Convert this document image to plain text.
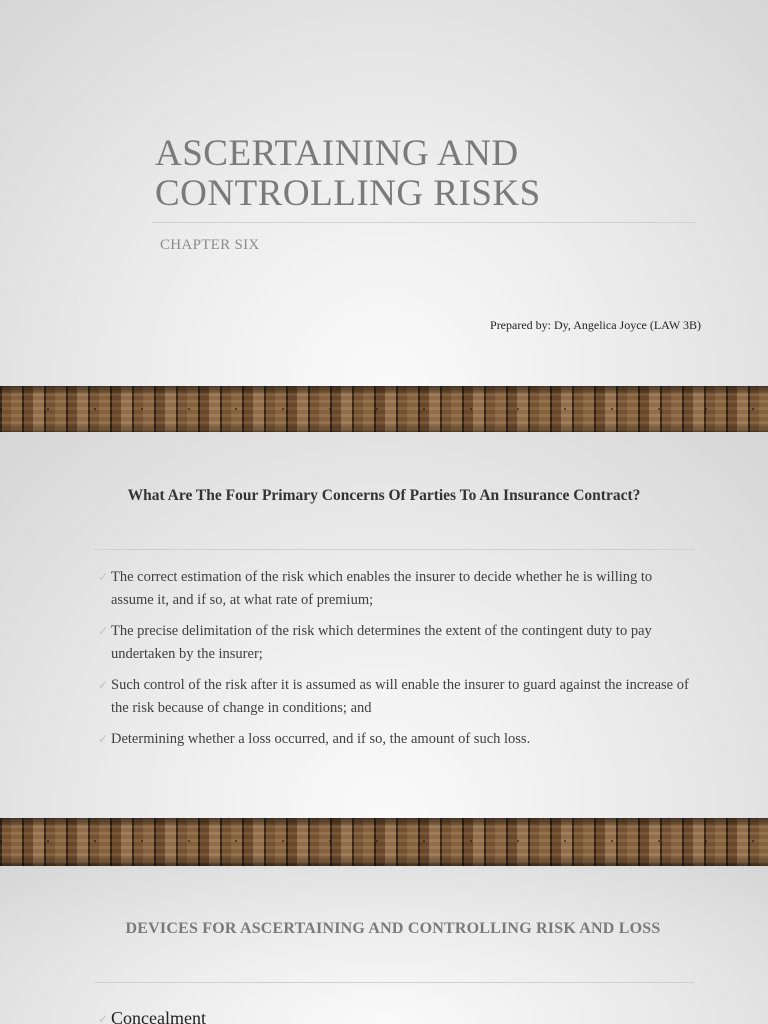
ASCERTAINING AND
CONTROLLING RISKS
CHAPTER SIX
Prepared by: Dy, Angelica Joyce (LAW 3B)
What Are The Four Primary Concerns Of Parties To An Insurance Contract?
✓ The correct estimation of the risk which enables the insurer to decide whether he is willing to assume it, and if so, at what rate of premium;
✓ The precise delimitation of the risk which determines the extent of the contingent duty to pay undertaken by the insurer;
✓ Such control of the risk after it is assumed as will enable the insurer to guard against the increase of the risk because of change in conditions; and
✓ Determining whether a loss occurred, and if so, the amount of such loss.
DEVICES FOR ASCERTAINING AND CONTROLLING RISK AND LOSS
✓ Concealment
